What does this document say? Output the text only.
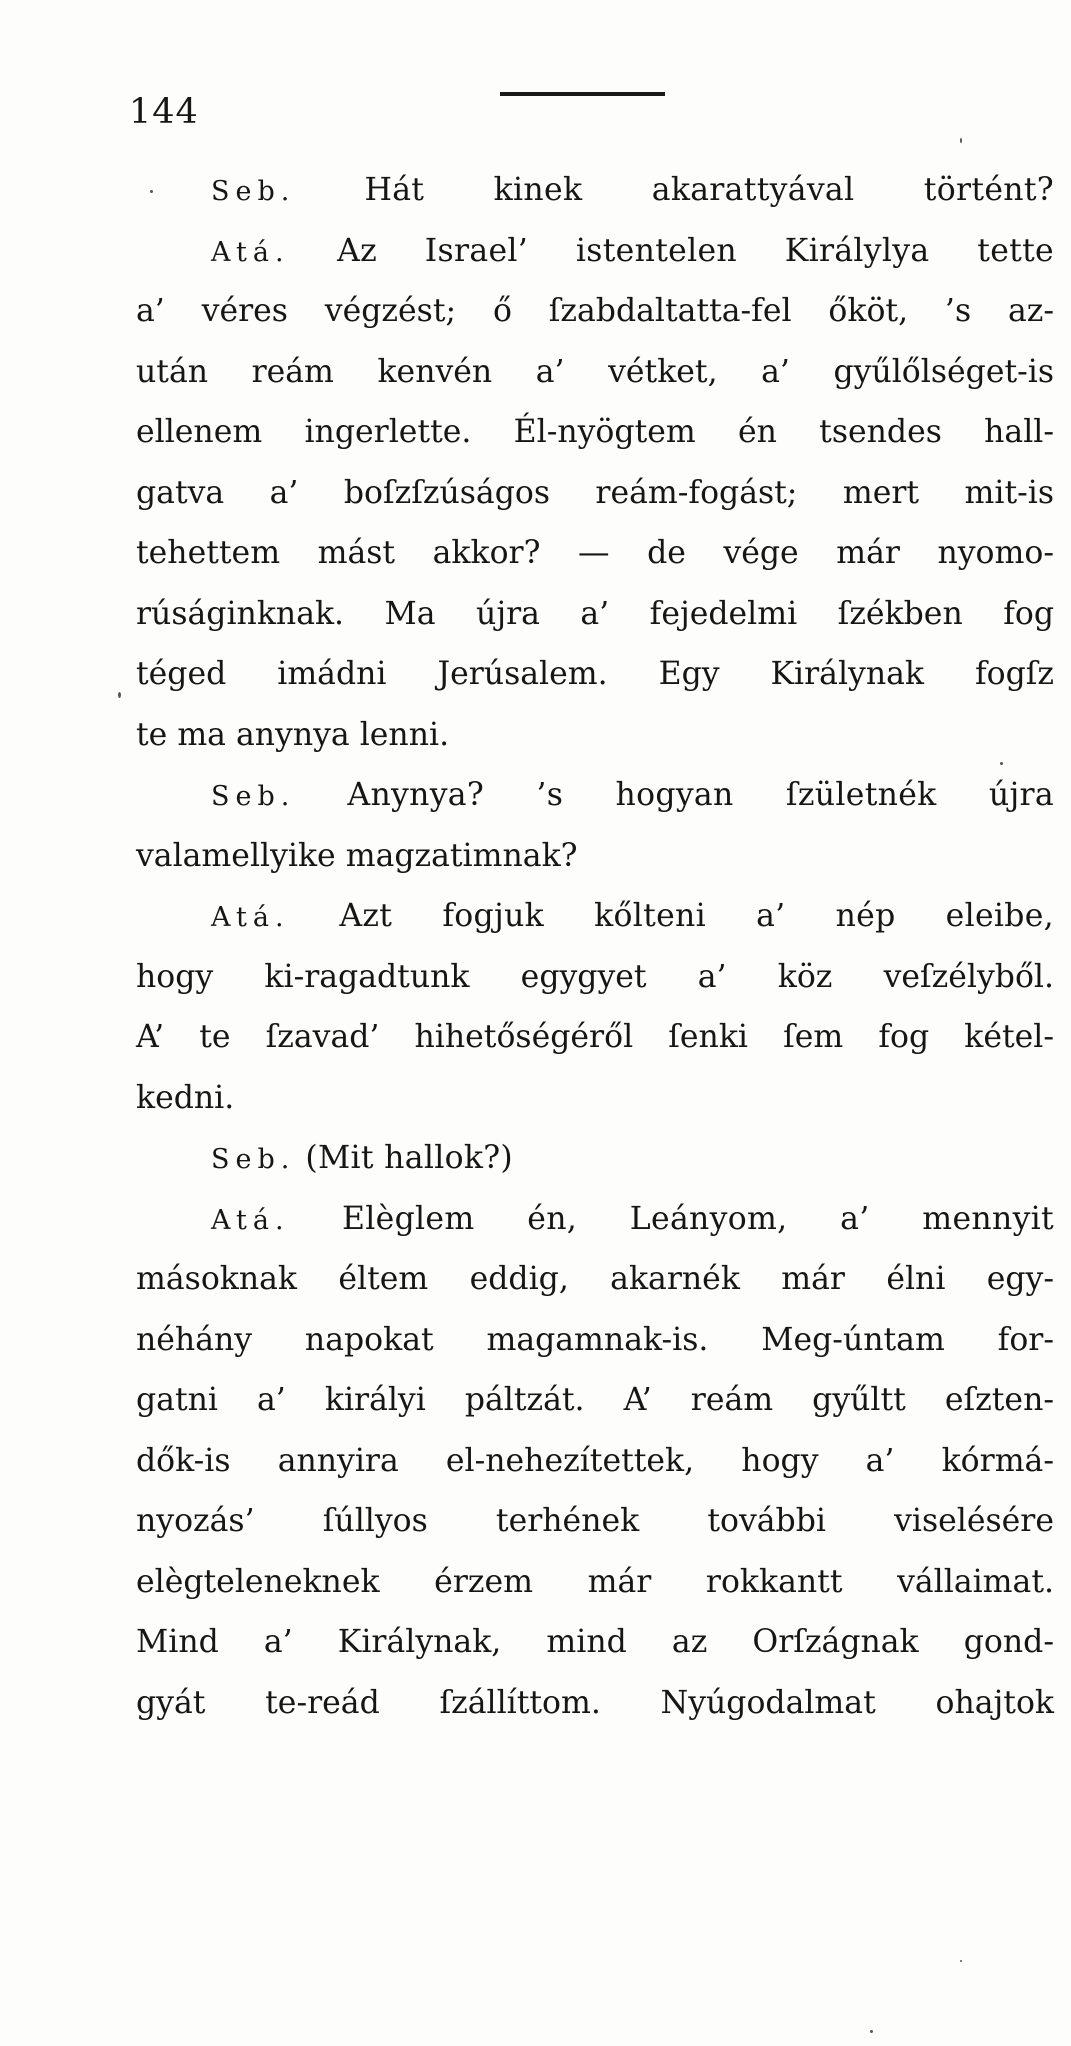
144
Seb. Hát kinek akarattyával történt?
Atá. Az Israel’ istentelen Királylya tette
a’ véres végzést; ő ſzabdaltatta-fel őköt, ’s az-
után reám kenvén a’ vétket, a’ gyűlőlséget-is
ellenem ingerlette. Él-nyögtem én tsendes hall-
gatva a’ boſzſzúságos reám-fogást; mert mit-is
tehettem mást akkor? — de vége már nyomo-
rúságinknak. Ma újra a’ fejedelmi ſzékben fog
téged imádni Jerúsalem. Egy Királynak fogſz
te ma anynya lenni.
Seb. Anynya? ’s hogyan ſzületnék újra
valamellyike magzatimnak?
Atá. Azt fogjuk kőlteni a’ nép eleibe,
hogy ki-ragadtunk egygyet a’ köz veſzélyből.
A’ te ſzavad’ hihetőségéről ſenki ſem fog kétel-
kedni.
Seb. (Mit hallok?)
Atá. Elèglem én, Leányom, a’ mennyit
másoknak éltem eddig, akarnék már élni egy-
néhány napokat magamnak-is. Meg-úntam for-
gatni a’ királyi páltzát. A’ reám gyűltt eſzten-
dők-is annyira el-nehezítettek, hogy a’ kórmá-
nyozás’ ſúllyos terhének további viselésére
elègteleneknek érzem már rokkantt vállaimat.
Mind a’ Királynak, mind az Orſzágnak gond-
gyát te-reád ſzállíttom. Nyúgodalmat ohajtok
